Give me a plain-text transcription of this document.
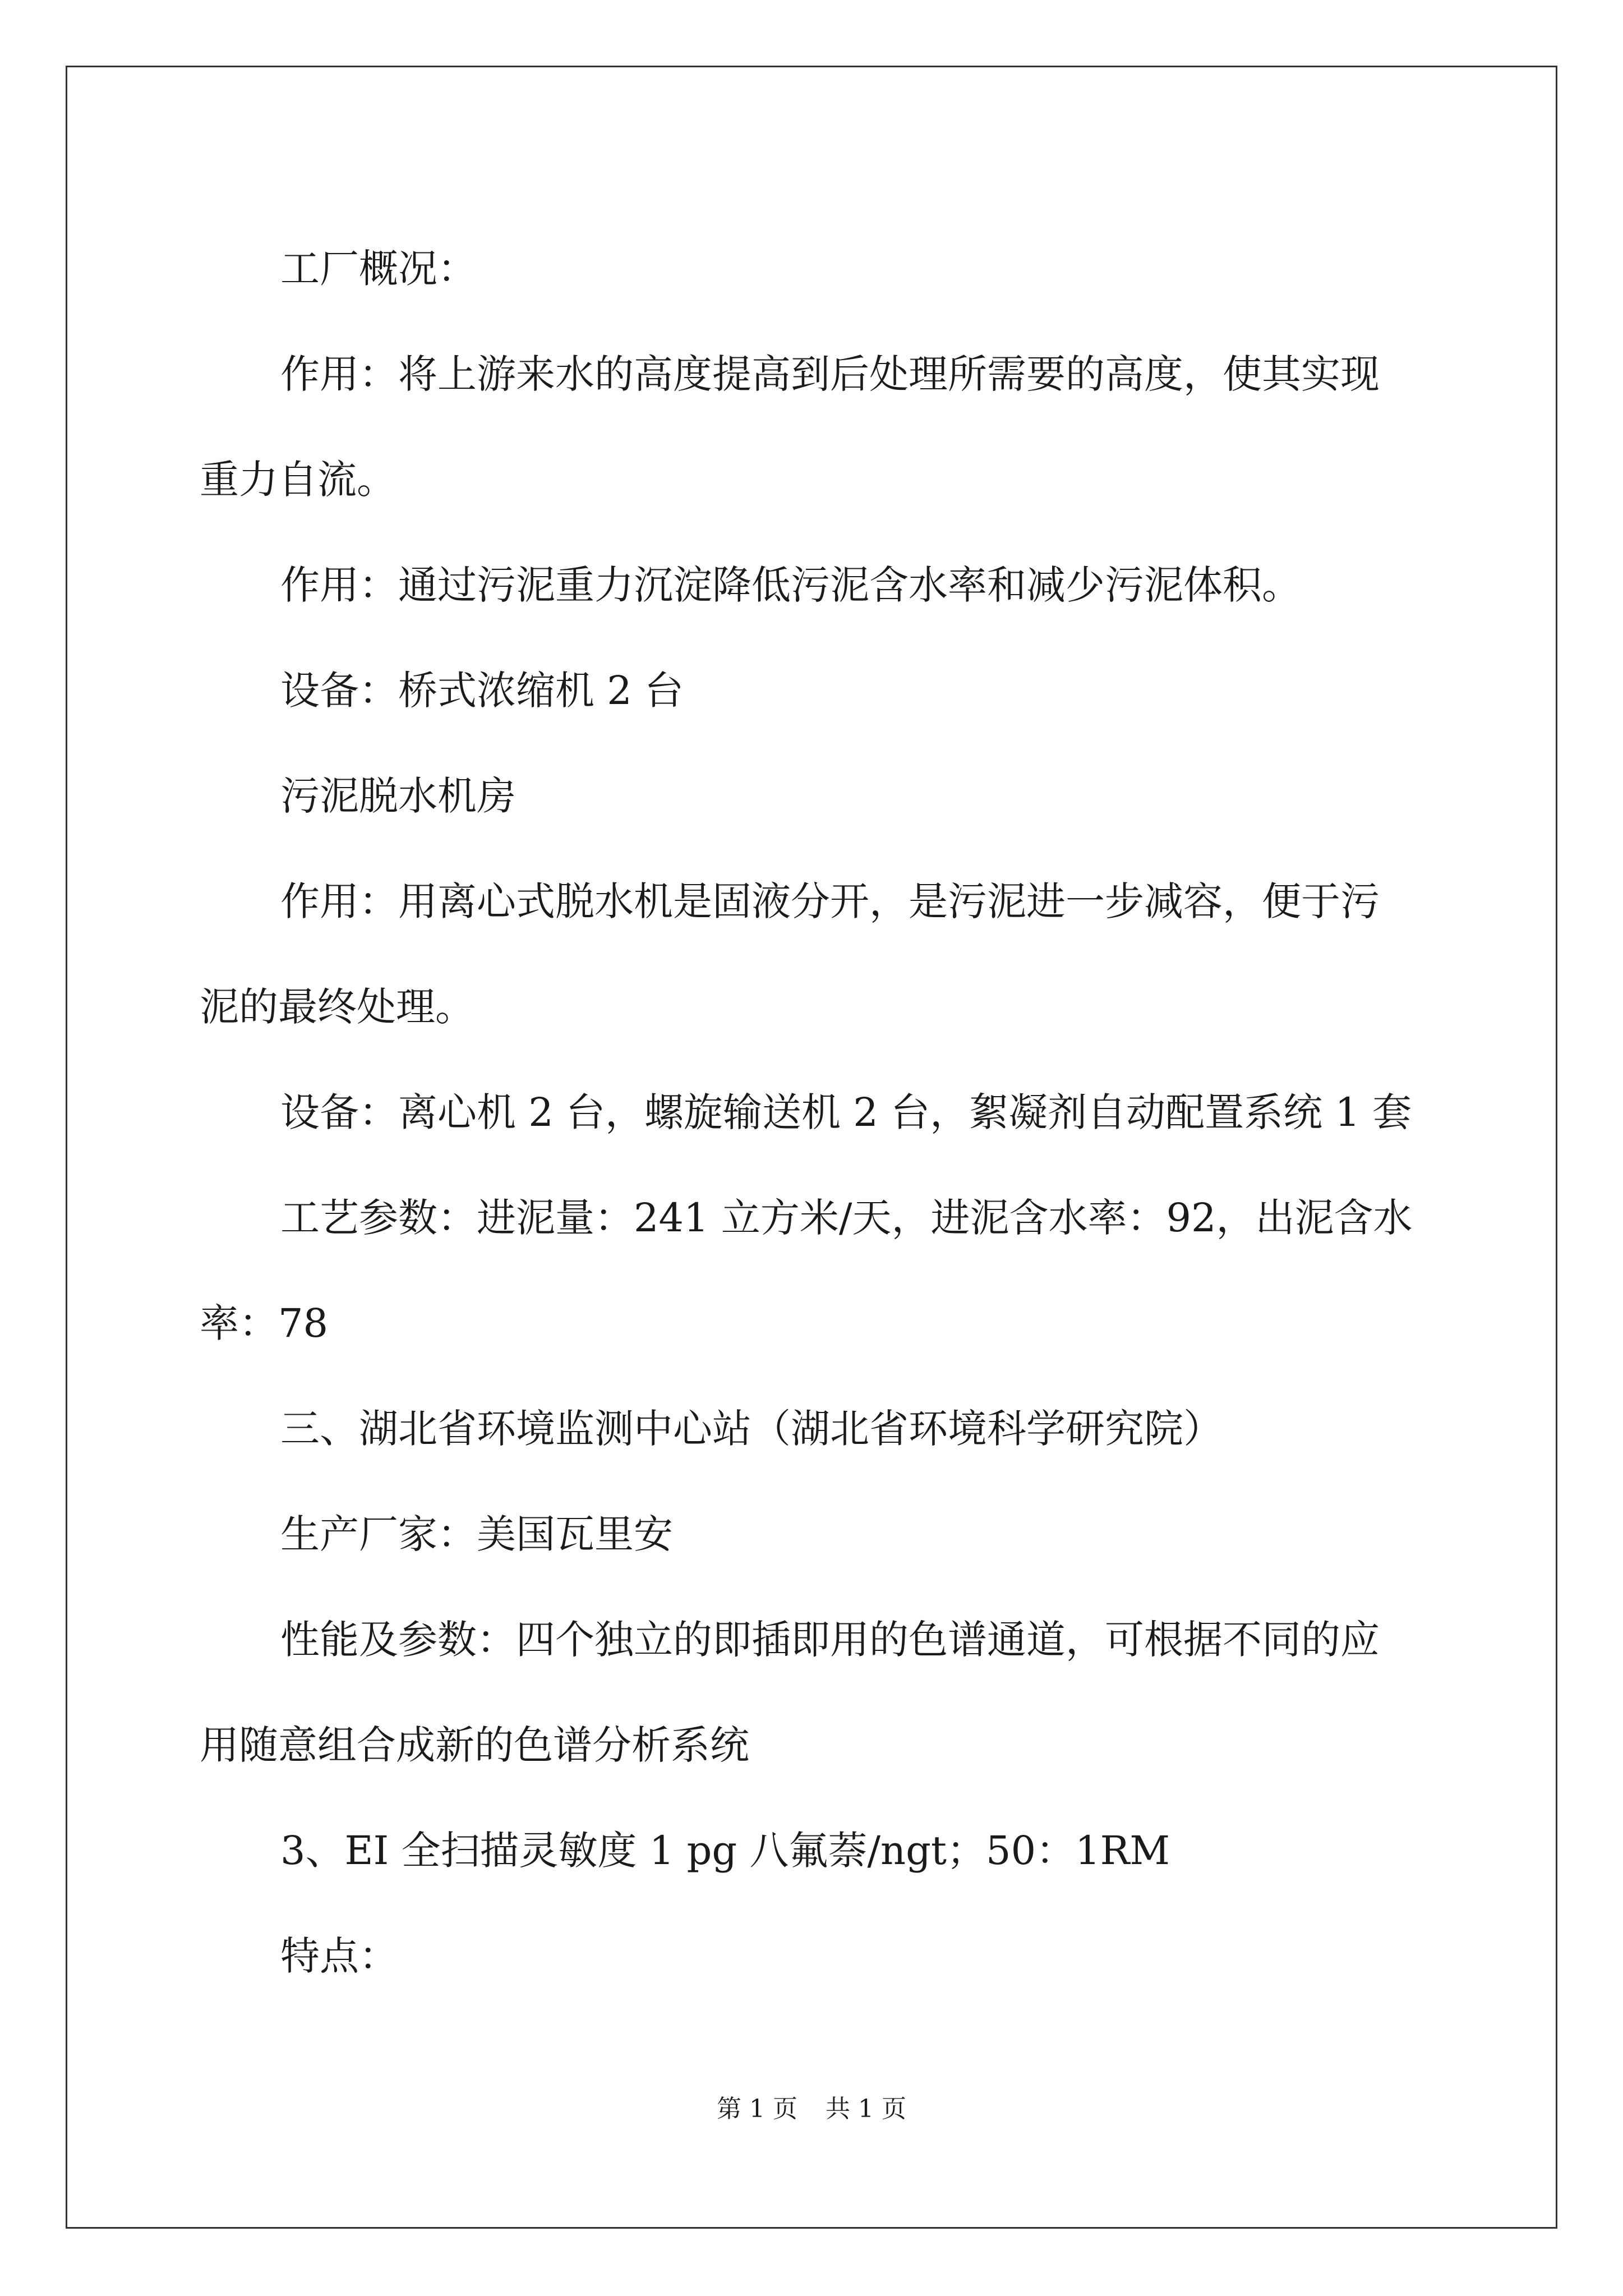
工厂概况：

作用：将上游来水的高度提高到后处理所需要的高度，使其实现

重力自流。

作用：通过污泥重力沉淀降低污泥含水率和减少污泥体积。

设备：桥式浓缩机 2 台

污泥脱水机房

作用：用离心式脱水机是固液分开，是污泥进一步减容，便于污

泥的最终处理。

设备：离心机 2 台，螺旋输送机 2 台，絮凝剂自动配置系统 1 套

工艺参数：进泥量：241 立方米/天，进泥含水率：92，出泥含水

率：78

三、湖北省环境监测中心站（湖北省环境科学研究院）

生产厂家：美国瓦里安

性能及参数：四个独立的即插即用的色谱通道，可根据不同的应

用随意组合成新的色谱分析系统

3、EI 全扫描灵敏度 1 pg 八氟萘/ngt；50：1RM

特点：

第 1 页 共 1 页
